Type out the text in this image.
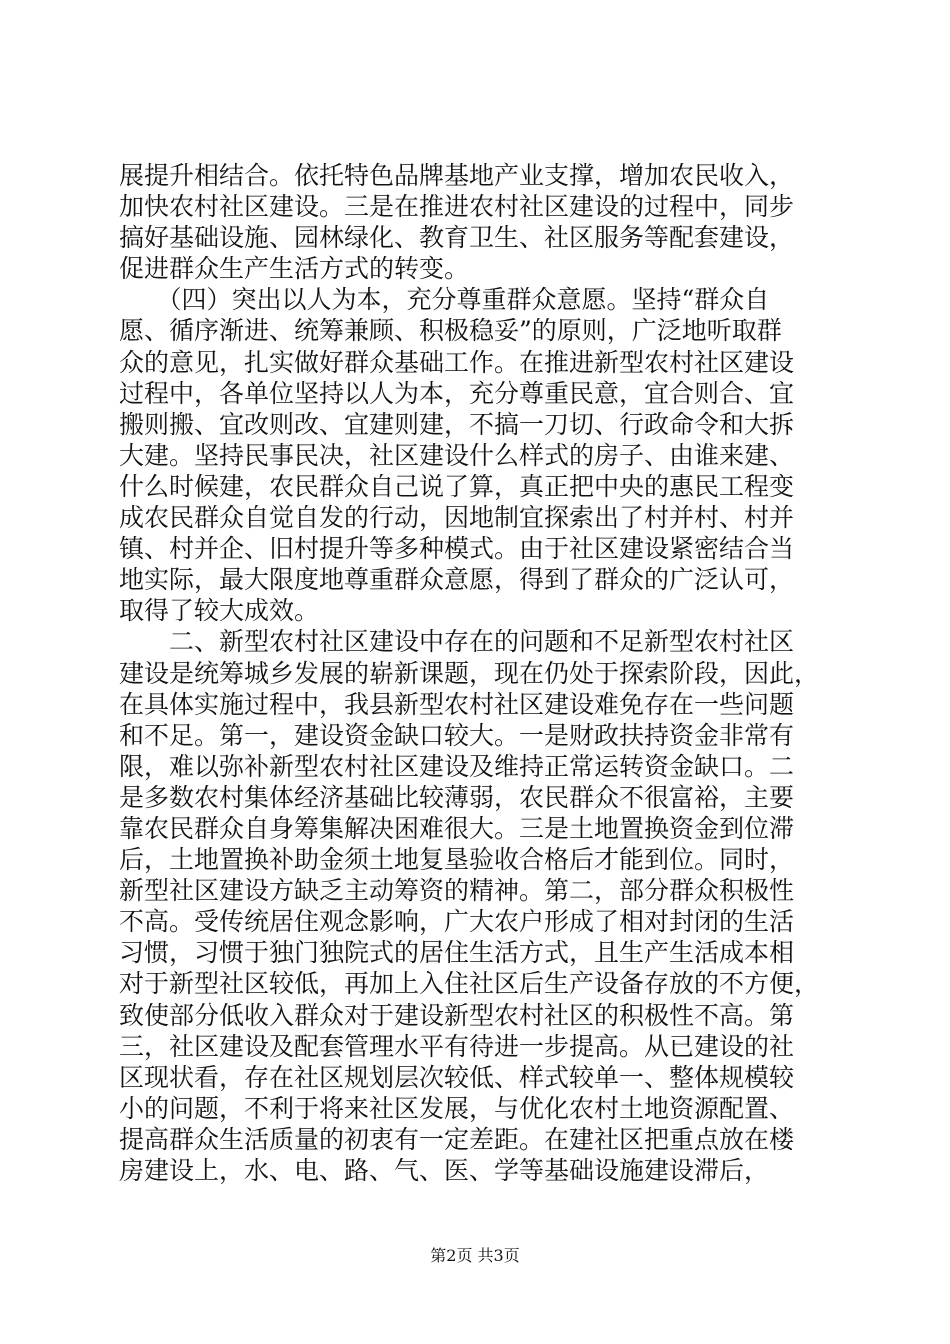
展提升相结合。依托特色品牌基地产业支撑，增加农民收入，
加快农村社区建设。三是在推进农村社区建设的过程中，同步
搞好基础设施、园林绿化、教育卫生、社区服务等配套建设，
促进群众生产生活方式的转变。
　　（四）突出以人为本，充分尊重群众意愿。坚持“群众自
愿、循序渐进、统筹兼顾、积极稳妥”的原则，广泛地听取群
众的意见，扎实做好群众基础工作。在推进新型农村社区建设
过程中，各单位坚持以人为本，充分尊重民意，宜合则合、宜
搬则搬、宜改则改、宜建则建，不搞一刀切、行政命令和大拆
大建。坚持民事民决，社区建设什么样式的房子、由谁来建、
什么时候建，农民群众自己说了算，真正把中央的惠民工程变
成农民群众自觉自发的行动，因地制宜探索出了村并村、村并
镇、村并企、旧村提升等多种模式。由于社区建设紧密结合当
地实际，最大限度地尊重群众意愿，得到了群众的广泛认可，
取得了较大成效。
　　二、新型农村社区建设中存在的问题和不足新型农村社区
建设是统筹城乡发展的崭新课题，现在仍处于探索阶段，因此，
在具体实施过程中，我县新型农村社区建设难免存在一些问题
和不足。第一，建设资金缺口较大。一是财政扶持资金非常有
限，难以弥补新型农村社区建设及维持正常运转资金缺口。二
是多数农村集体经济基础比较薄弱，农民群众不很富裕，主要
靠农民群众自身筹集解决困难很大。三是土地置换资金到位滞
后，土地置换补助金须土地复垦验收合格后才能到位。同时，
新型社区建设方缺乏主动筹资的精神。第二，部分群众积极性
不高。受传统居住观念影响，广大农户形成了相对封闭的生活
习惯，习惯于独门独院式的居住生活方式，且生产生活成本相
对于新型社区较低，再加上入住社区后生产设备存放的不方便，
致使部分低收入群众对于建设新型农村社区的积极性不高。第
三，社区建设及配套管理水平有待进一步提高。从已建设的社
区现状看，存在社区规划层次较低、样式较单一、整体规模较
小的问题，不利于将来社区发展，与优化农村土地资源配置、
提高群众生活质量的初衷有一定差距。在建社区把重点放在楼
房建设上，水、电、路、气、医、学等基础设施建设滞后，
第2页 共3页
